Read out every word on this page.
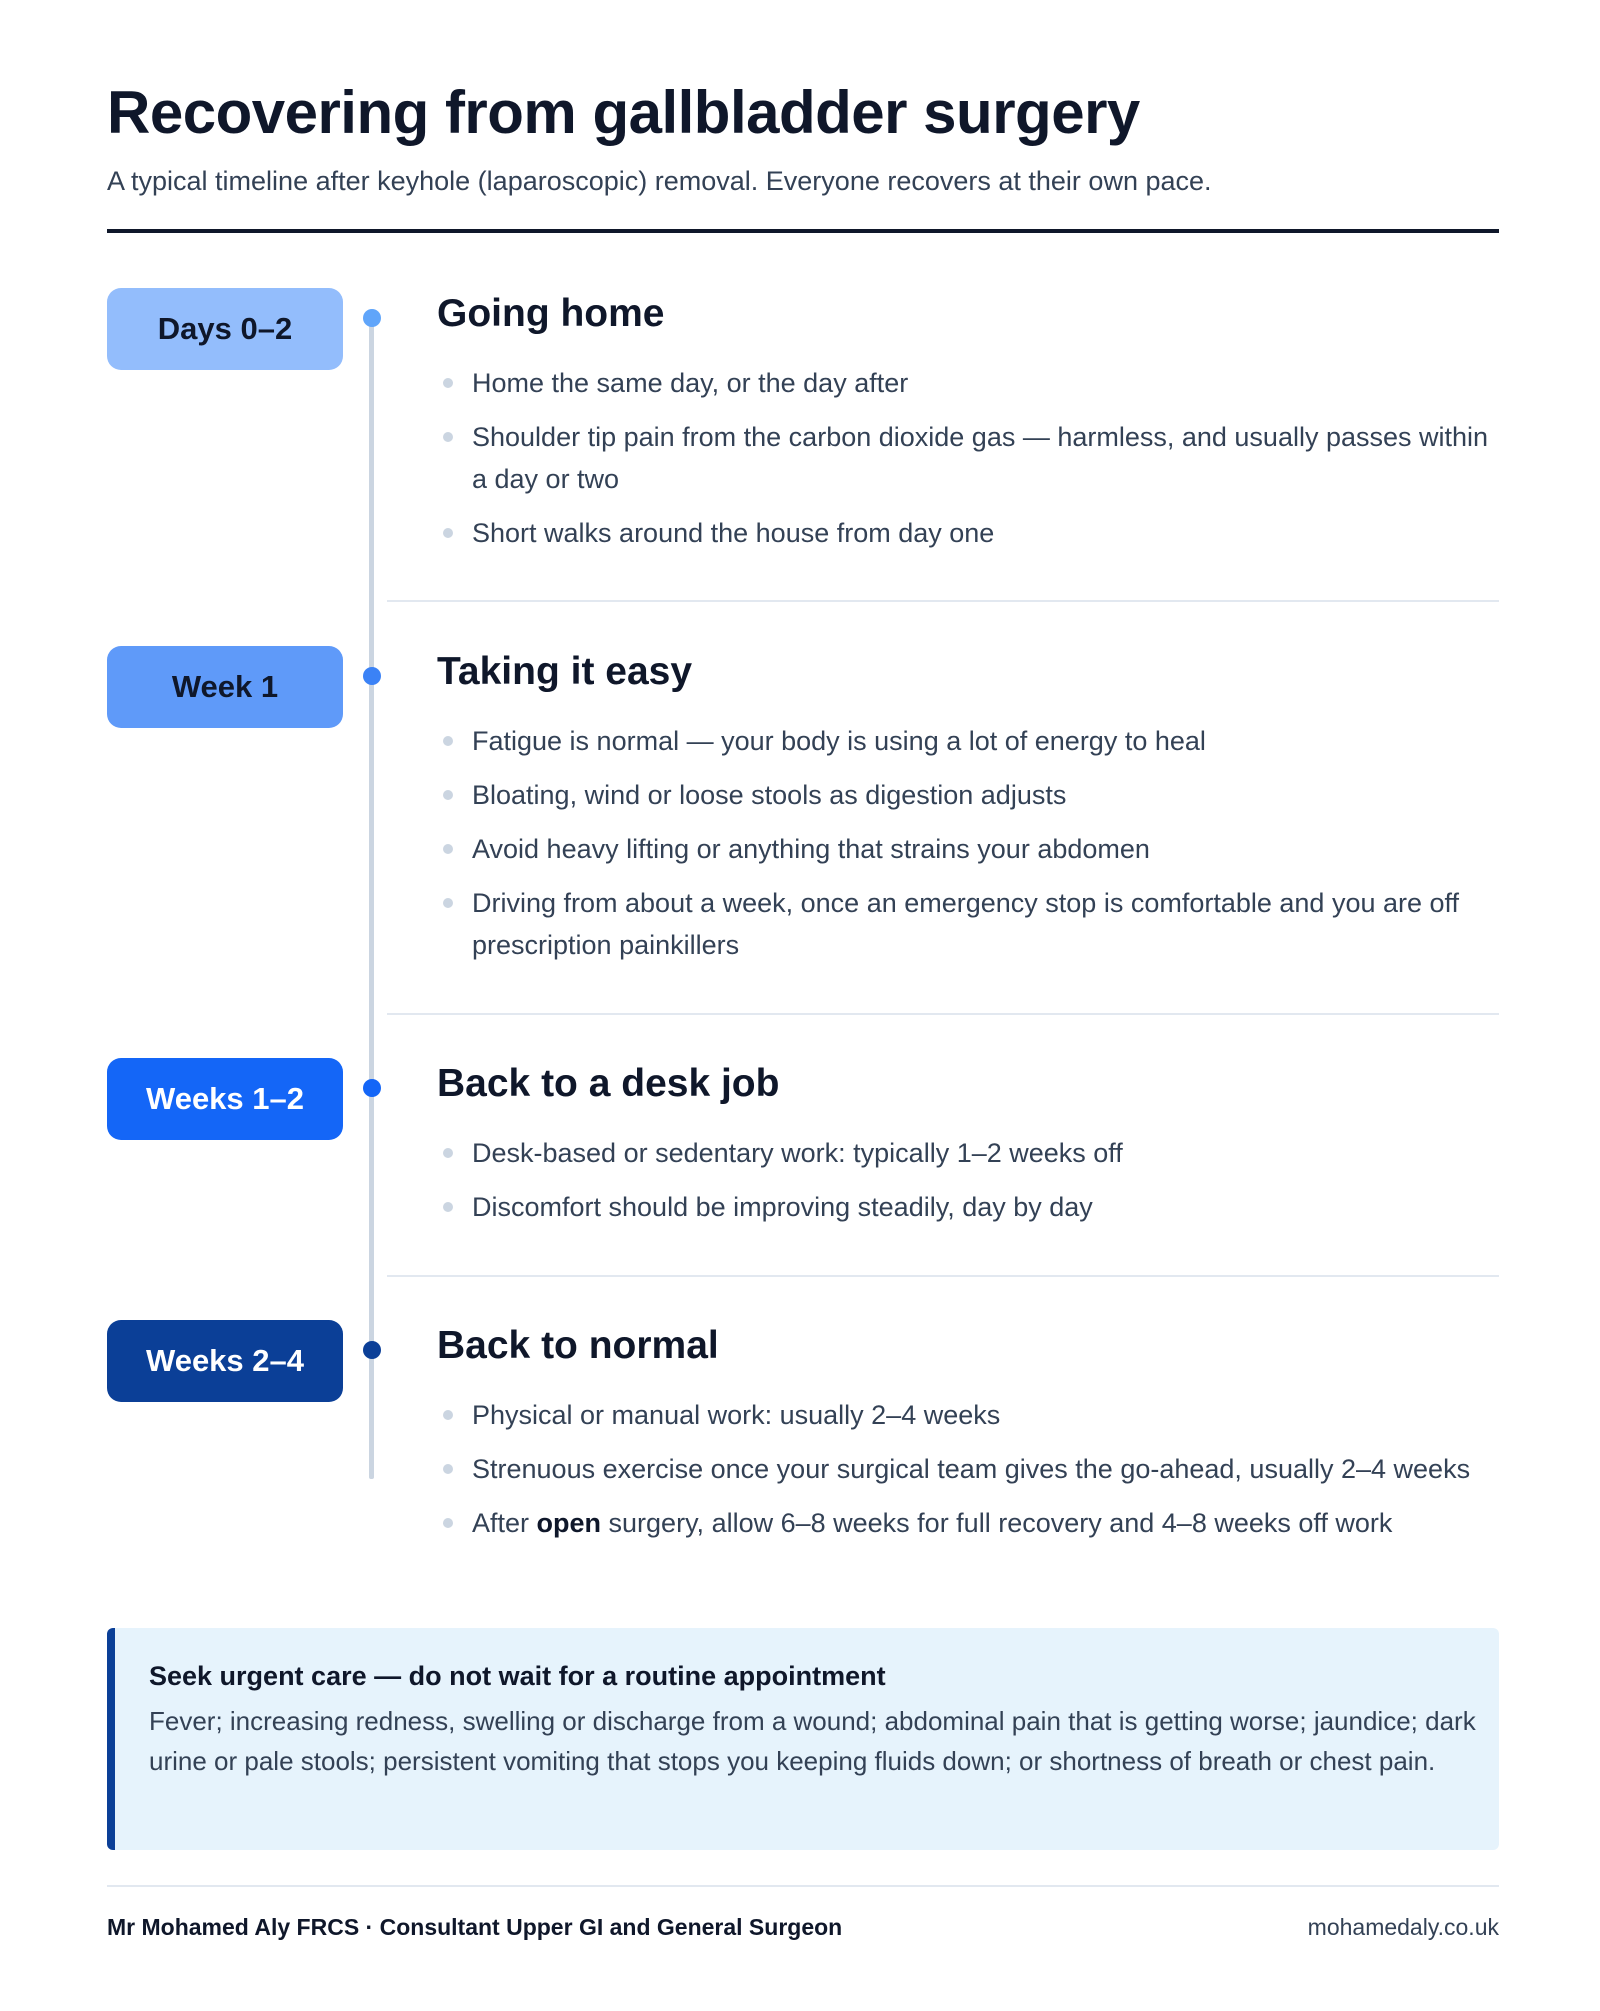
Recovering from gallbladder surgery

A typical timeline after keyhole (laparoscopic) removal. Everyone recovers at their own pace.

Days 0–2	Going home
Home the same day, or the day after
Shoulder tip pain from the carbon dioxide gas — harmless, and usually passes within a day or two
Short walks around the house from day one
Week 1	Taking it easy
Fatigue is normal — your body is using a lot of energy to heal
Bloating, wind or loose stools as digestion adjusts
Avoid heavy lifting or anything that strains your abdomen
Driving from about a week, once an emergency stop is comfortable and you are off prescription painkillers
Weeks 1–2	Back to a desk job
Desk-based or sedentary work: typically 1–2 weeks off
Discomfort should be improving steadily, day by day
Weeks 2–4	Back to normal
Physical or manual work: usually 2–4 weeks
Strenuous exercise once your surgical team gives the go-ahead, usually 2–4 weeks
After open surgery, allow 6–8 weeks for full recovery and 4–8 weeks off work
Seek urgent care — do not wait for a routine appointment

Fever; increasing redness, swelling or discharge from a wound; abdominal pain that is getting worse; jaundice; dark urine or pale stools; persistent vomiting that stops you keeping fluids down; or shortness of breath or chest pain.

Mr Mohamed Aly FRCS · Consultant Upper GI and General Surgeon	mohamedaly.co.uk
